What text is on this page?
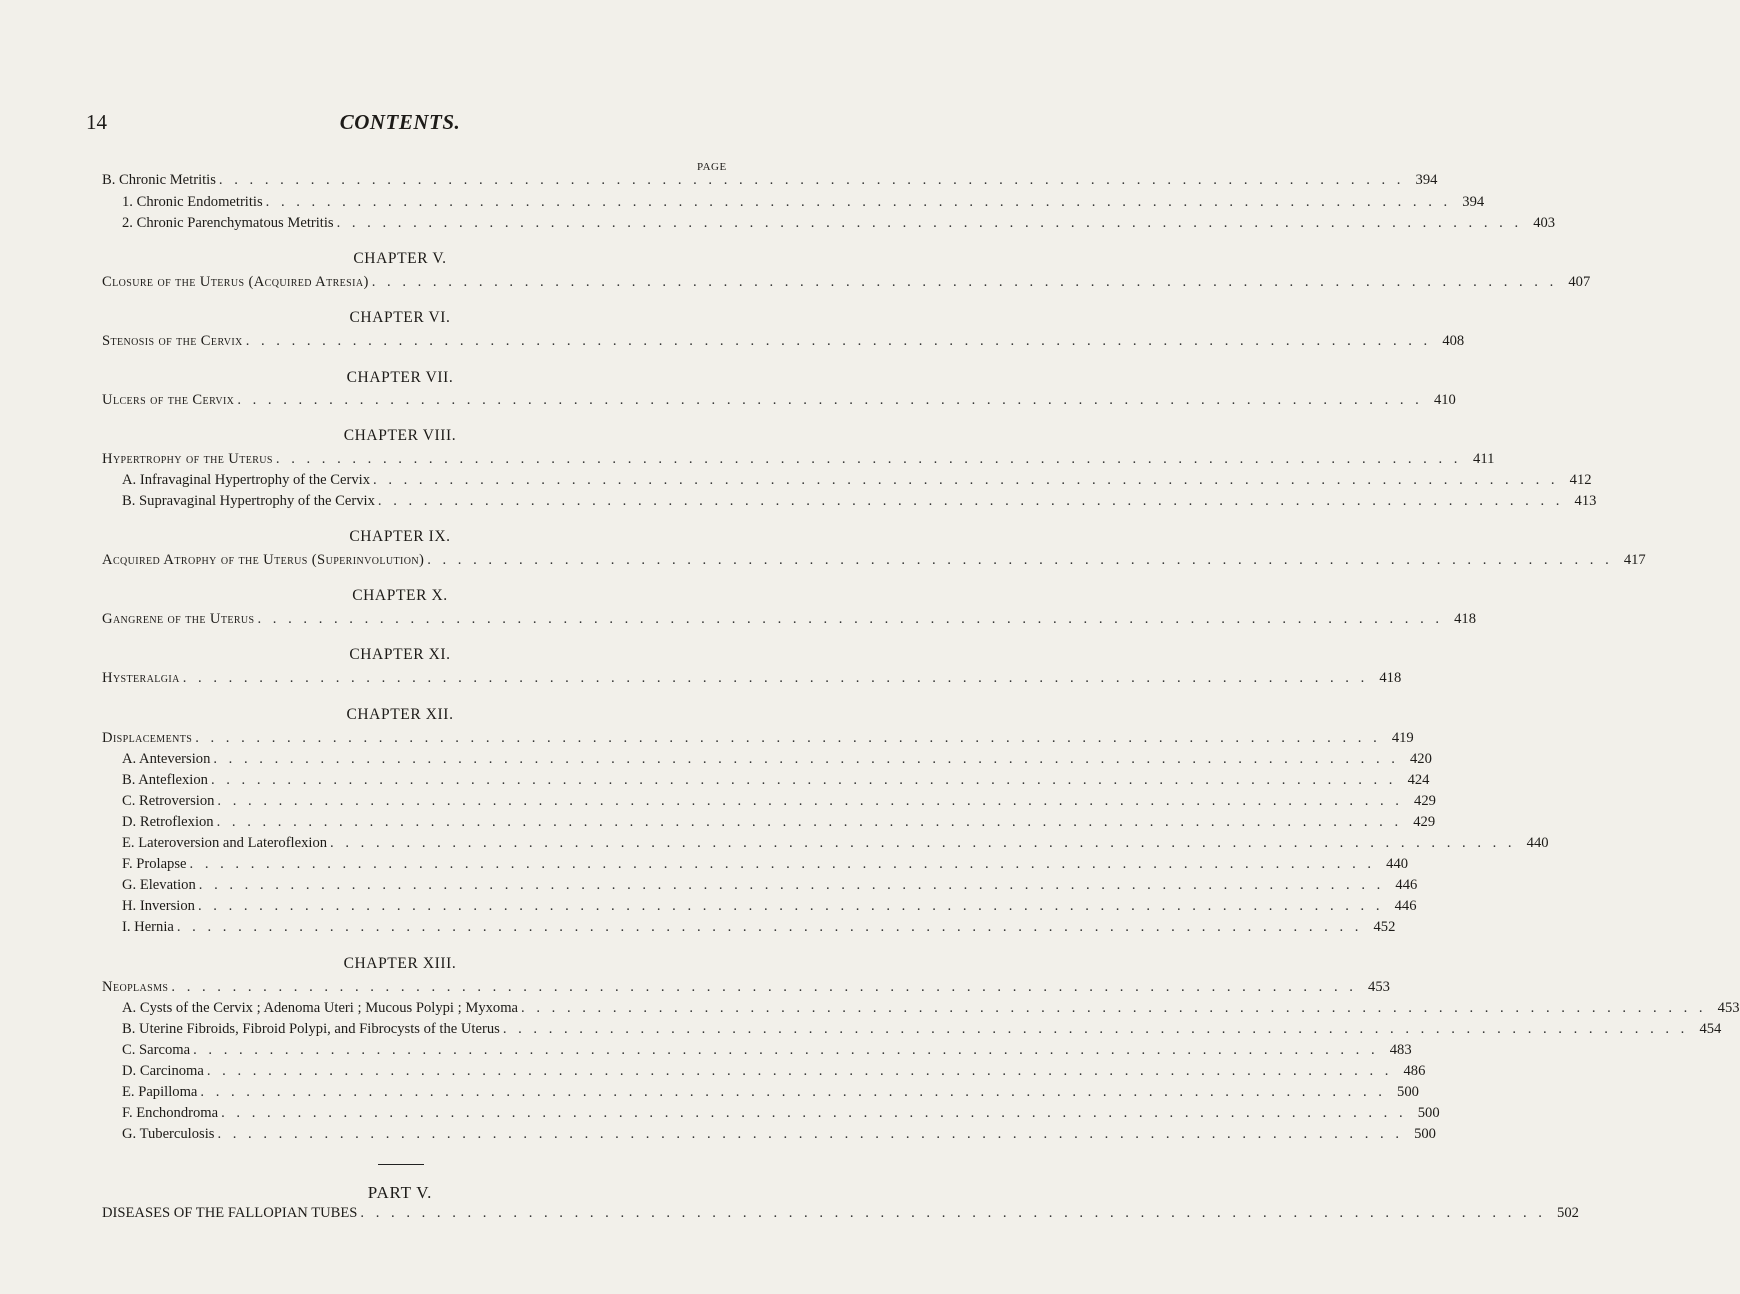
14	CONTENTS.
PAGE
B. Chronic Metritis . . . . . . . . . . . . . . . . . . . . . . . . . . . . . . . . . . . . . . . . . . . . . . . . . . . . . . . . . . . . . . . . . . . . . . . . . . . . . . 394
1. Chronic Endometritis . . . . . . . . . . . . . . . . . . . . . . . . . . . . . . . . . . . . . . . . . . . . . . . . . . . . . . . . . . . . . . . . . . . . . . . . . . . . . . 394
2. Chronic Parenchymatous Metritis . . . . . . . . . . . . . . . . . . . . . . . . . . . . . . . . . . . . . . . . . . . . . . . . . . . . . . . . . . . . . . . . . . . . . . . . . . . . . . 403
CHAPTER V.
Closure of the Uterus (Acquired Atresia) . . . . . . . . . . . . . . . . . . . . . . . . . . . . . . . . . . . . . . . . . . . . . . . . . . . . . . . . . . . . . . . . . . . . . . . . . . . . . . 407
CHAPTER VI.
Stenosis of the Cervix . . . . . . . . . . . . . . . . . . . . . . . . . . . . . . . . . . . . . . . . . . . . . . . . . . . . . . . . . . . . . . . . . . . . . . . . . . . . . . 408
CHAPTER VII.
Ulcers of the Cervix . . . . . . . . . . . . . . . . . . . . . . . . . . . . . . . . . . . . . . . . . . . . . . . . . . . . . . . . . . . . . . . . . . . . . . . . . . . . . . 410
CHAPTER VIII.
Hypertrophy of the Uterus . . . . . . . . . . . . . . . . . . . . . . . . . . . . . . . . . . . . . . . . . . . . . . . . . . . . . . . . . . . . . . . . . . . . . . . . . . . . . . 411
A. Infravaginal Hypertrophy of the Cervix . . . . . . . . . . . . . . . . . . . . . . . . . . . . . . . . . . . . . . . . . . . . . . . . . . . . . . . . . . . . . . . . . . . . . . . . . . . . . . 412
B. Supravaginal Hypertrophy of the Cervix . . . . . . . . . . . . . . . . . . . . . . . . . . . . . . . . . . . . . . . . . . . . . . . . . . . . . . . . . . . . . . . . . . . . . . . . . . . . . . 413
CHAPTER IX.
Acquired Atrophy of the Uterus (Superinvolution) . . . . . . . . . . . . . . . . . . . . . . . . . . . . . . . . . . . . . . . . . . . . . . . . . . . . . . . . . . . . . . . . . . . . . . . . . . . . . . 417
CHAPTER X.
Gangrene of the Uterus . . . . . . . . . . . . . . . . . . . . . . . . . . . . . . . . . . . . . . . . . . . . . . . . . . . . . . . . . . . . . . . . . . . . . . . . . . . . . . 418
CHAPTER XI.
Hysteralgia . . . . . . . . . . . . . . . . . . . . . . . . . . . . . . . . . . . . . . . . . . . . . . . . . . . . . . . . . . . . . . . . . . . . . . . . . . . . . . 418
CHAPTER XII.
Displacements . . . . . . . . . . . . . . . . . . . . . . . . . . . . . . . . . . . . . . . . . . . . . . . . . . . . . . . . . . . . . . . . . . . . . . . . . . . . . . 419
A. Anteversion . . . . . . . . . . . . . . . . . . . . . . . . . . . . . . . . . . . . . . . . . . . . . . . . . . . . . . . . . . . . . . . . . . . . . . . . . . . . . . 420
B. Anteflexion . . . . . . . . . . . . . . . . . . . . . . . . . . . . . . . . . . . . . . . . . . . . . . . . . . . . . . . . . . . . . . . . . . . . . . . . . . . . . . 424
C. Retroversion . . . . . . . . . . . . . . . . . . . . . . . . . . . . . . . . . . . . . . . . . . . . . . . . . . . . . . . . . . . . . . . . . . . . . . . . . . . . . . 429
D. Retroflexion . . . . . . . . . . . . . . . . . . . . . . . . . . . . . . . . . . . . . . . . . . . . . . . . . . . . . . . . . . . . . . . . . . . . . . . . . . . . . . 429
E. Lateroversion and Lateroflexion . . . . . . . . . . . . . . . . . . . . . . . . . . . . . . . . . . . . . . . . . . . . . . . . . . . . . . . . . . . . . . . . . . . . . . . . . . . . . . 440
F. Prolapse . . . . . . . . . . . . . . . . . . . . . . . . . . . . . . . . . . . . . . . . . . . . . . . . . . . . . . . . . . . . . . . . . . . . . . . . . . . . . . 440
G. Elevation . . . . . . . . . . . . . . . . . . . . . . . . . . . . . . . . . . . . . . . . . . . . . . . . . . . . . . . . . . . . . . . . . . . . . . . . . . . . . . 446
H. Inversion . . . . . . . . . . . . . . . . . . . . . . . . . . . . . . . . . . . . . . . . . . . . . . . . . . . . . . . . . . . . . . . . . . . . . . . . . . . . . . 446
I. Hernia . . . . . . . . . . . . . . . . . . . . . . . . . . . . . . . . . . . . . . . . . . . . . . . . . . . . . . . . . . . . . . . . . . . . . . . . . . . . . . 452
CHAPTER XIII.
Neoplasms . . . . . . . . . . . . . . . . . . . . . . . . . . . . . . . . . . . . . . . . . . . . . . . . . . . . . . . . . . . . . . . . . . . . . . . . . . . . . . 453
A. Cysts of the Cervix ; Adenoma Uteri ; Mucous Polypi ; Myxoma . . . . . . . . . . . . . . . . . . . . . . . . . . . . . . . . . . . . . . . . . . . . . . . . . . . . . . . . . . . . . . . . . . . . . . . . . . . . . . 453
B. Uterine Fibroids, Fibroid Polypi, and Fibrocysts of the Uterus . . . . . . . . . . . . . . . . . . . . . . . . . . . . . . . . . . . . . . . . . . . . . . . . . . . . . . . . . . . . . . . . . . . . . . . . . . . . . . 454
C. Sarcoma . . . . . . . . . . . . . . . . . . . . . . . . . . . . . . . . . . . . . . . . . . . . . . . . . . . . . . . . . . . . . . . . . . . . . . . . . . . . . . 483
D. Carcinoma . . . . . . . . . . . . . . . . . . . . . . . . . . . . . . . . . . . . . . . . . . . . . . . . . . . . . . . . . . . . . . . . . . . . . . . . . . . . . . 486
E. Papilloma . . . . . . . . . . . . . . . . . . . . . . . . . . . . . . . . . . . . . . . . . . . . . . . . . . . . . . . . . . . . . . . . . . . . . . . . . . . . . . 500
F. Enchondroma . . . . . . . . . . . . . . . . . . . . . . . . . . . . . . . . . . . . . . . . . . . . . . . . . . . . . . . . . . . . . . . . . . . . . . . . . . . . . . 500
G. Tuberculosis . . . . . . . . . . . . . . . . . . . . . . . . . . . . . . . . . . . . . . . . . . . . . . . . . . . . . . . . . . . . . . . . . . . . . . . . . . . . . . 500
PART V.
DISEASES OF THE FALLOPIAN TUBES . . . . . . . . . . . . . . . . . . . . . . . . . . . . . . . . . . . . . . . . . . . . . . . . . . . . . . . . . . . . . . . . . . . . . . . . . . . . . . 502
